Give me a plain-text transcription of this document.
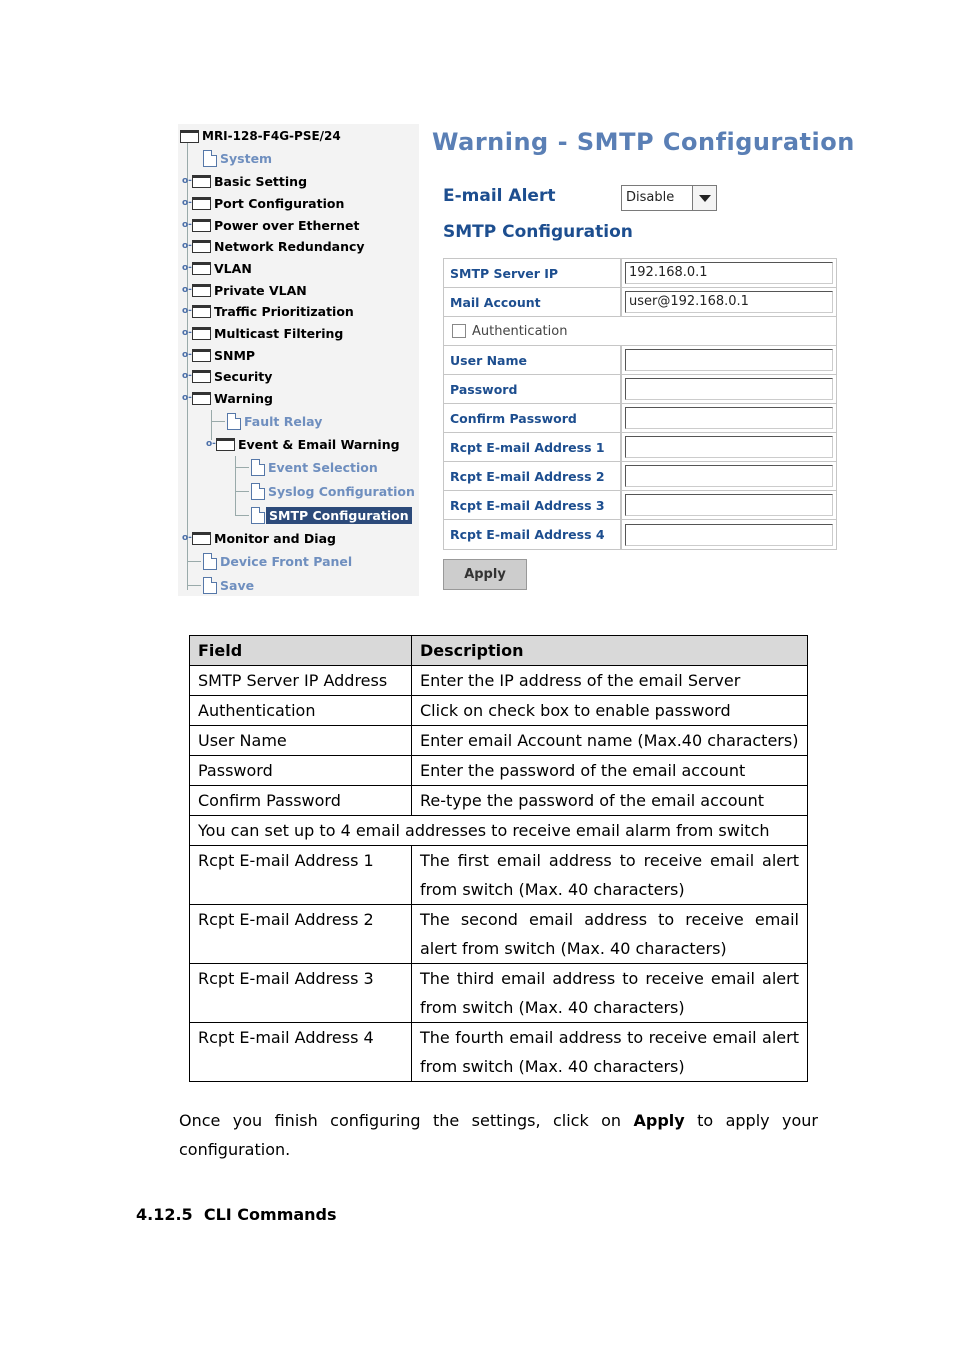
MRI-128-F4G-PSE/24
System
o- Basic Setting
o- Port Configuration
o- Power over Ethernet
o- Network Redundancy
o- VLAN
o- Private VLAN
o- Traffic Prioritization
o- Multicast Filtering
o- SNMP
o- Security
o- Warning
Fault Relay
o- Event & Email Warning
Event Selection
Syslog Configuration
SMTP Configuration
o- Monitor and Diag
Device Front Panel
Save
Warning - SMTP Configuration
E-mail Alert	Disable
SMTP Configuration
SMTP Server IP	192.168.0.1
Mail Account	user@192.168.0.1
Authentication
User Name
Password
Confirm Password
Rcpt E-mail Address 1
Rcpt E-mail Address 2
Rcpt E-mail Address 3
Rcpt E-mail Address 4
Apply
Field	Description
SMTP Server IP Address	Enter the IP address of the email Server
Authentication	Click on check box to enable password
User Name	Enter email Account name (Max.40 characters)
Password	Enter the password of the email account
Confirm Password	Re-type the password of the email account
You can set up to 4 email addresses to receive email alarm from switch	
Rcpt E-mail Address 1	The first email address to receive email alert from switch (Max. 40 characters)
Rcpt E-mail Address 2	The second email address to receive email alert from switch (Max. 40 characters)
Rcpt E-mail Address 3	The third email address to receive email alert from switch (Max. 40 characters)
Rcpt E-mail Address 4	The fourth email address to receive email alert from switch (Max. 40 characters)
Once you finish configuring the settings, click on Apply to apply your configuration.
4.12.5  CLI Commands
